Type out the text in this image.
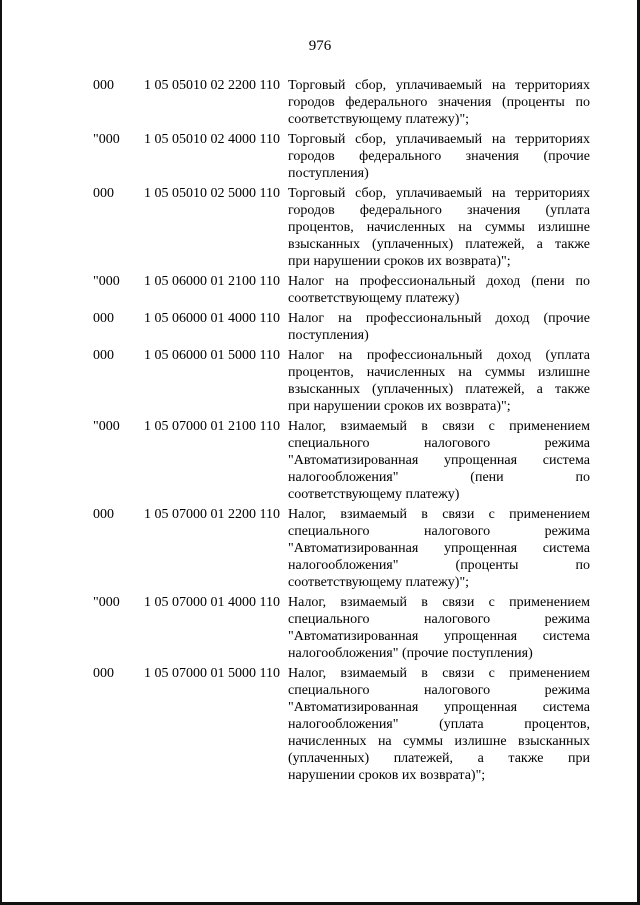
976
000	1 05 05010 02 2200 110 Торговый сбор, уплачиваемый на территориях
городов федерального значения (проценты по
соответствующему платежу)";
"000	1 05 05010 02 4000 110 Торговый сбор, уплачиваемый на территориях
городов федерального значения (прочие
поступления)
000	1 05 05010 02 5000 110 Торговый сбор, уплачиваемый на территориях
городов федерального значения (уплата
процентов, начисленных на суммы излишне
взысканных (уплаченных) платежей, а также
при нарушении сроков их возврата)";
"000	1 05 06000 01 2100 110 Налог на профессиональный доход (пени по
соответствующему платежу)
000	1 05 06000 01 4000 110 Налог на профессиональный доход (прочие
поступления)
000	1 05 06000 01 5000 110 Налог на профессиональный доход (уплата
процентов, начисленных на суммы излишне
взысканных (уплаченных) платежей, а также
при нарушении сроков их возврата)";
"000	1 05 07000 01 2100 110 Налог, взимаемый в связи с применением
специального	налогового	режима
"Автоматизированная упрощенная система
налогообложения"	(пени	по
соответствующему платежу)
000	1 05 07000 01 2200 110 Налог, взимаемый в связи с применением
специального	налогового	режима
"Автоматизированная упрощенная система
налогообложения"	(проценты	по
соответствующему платежу)";
"000	1 05 07000 01 4000 110 Налог, взимаемый в связи с применением
специального	налогового	режима
"Автоматизированная упрощенная система
налогообложения" (прочие поступления)
000	1 05 07000 01 5000 110 Налог, взимаемый в связи с применением
специального	налогового	режима
"Автоматизированная упрощенная система
налогообложения"	(уплата	процентов,
начисленных на суммы излишне взысканных
(уплаченных) платежей, а также при
нарушении сроков их возврата)";
